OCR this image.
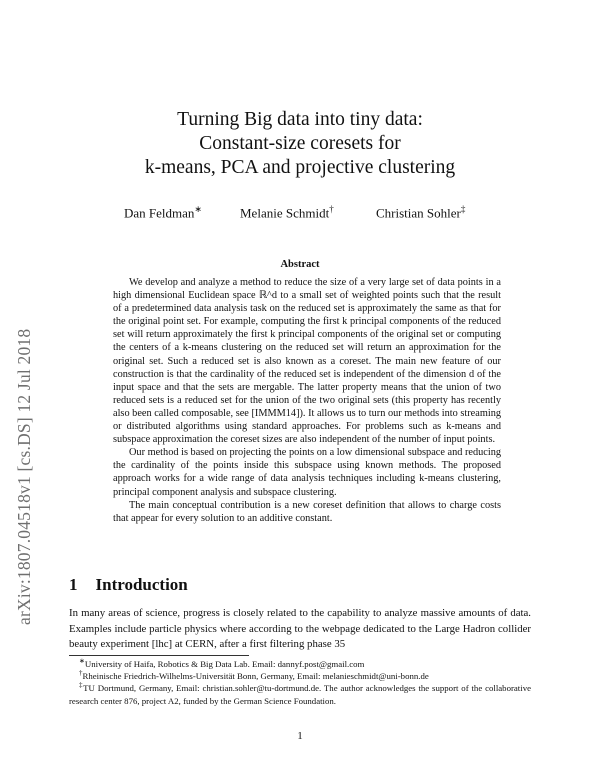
arXiv:1807.04518v1 [cs.DS] 12 Jul 2018
Turning Big data into tiny data:
Constant-size coresets for
k-means, PCA and projective clustering
Dan Feldman∗	Melanie Schmidt†	Christian Sohler‡
Abstract

We develop and analyze a method to reduce the size of a very large set of data points in a high dimensional Euclidean space ℝ^d to a small set of weighted points such that the result of a predetermined data analysis task on the reduced set is approximately the same as that for the original point set. For example, computing the first k principal components of the reduced set will return approximately the first k principal components of the original set or computing the centers of a k-means clustering on the reduced set will return an approximation for the original set. Such a reduced set is also known as a coreset. The main new feature of our construction is that the cardinality of the reduced set is independent of the dimension d of the input space and that the sets are mergable. The latter property means that the union of two reduced sets is a reduced set for the union of the two original sets (this property has recently also been called composable, see [IMMM14]). It allows us to turn our methods into streaming or distributed algorithms using standard approaches. For problems such as k-means and subspace approximation the coreset sizes are also independent of the number of input points.

Our method is based on projecting the points on a low dimensional subspace and reducing the cardinality of the points inside this subspace using known methods. The proposed approach works for a wide range of data analysis techniques including k-means clustering, principal component analysis and subspace clustering.

The main conceptual contribution is a new coreset definition that allows to charge costs that appear for every solution to an additive constant.

1 Introduction

In many areas of science, progress is closely related to the capability to analyze massive amounts of data. Examples include particle physics where according to the webpage dedicated to the Large Hadron collider beauty experiment [lhc] at CERN, after a first filtering phase 35

∗University of Haifa, Robotics & Big Data Lab. Email: dannyf.post@gmail.com

†Rheinische Friedrich-Wilhelms-Universität Bonn, Germany, Email: melanieschmidt@uni-bonn.de

‡TU Dortmund, Germany, Email: christian.sohler@tu-dortmund.de. The author acknowledges the support of the collaborative research center 876, project A2, funded by the German Science Foundation.

1
